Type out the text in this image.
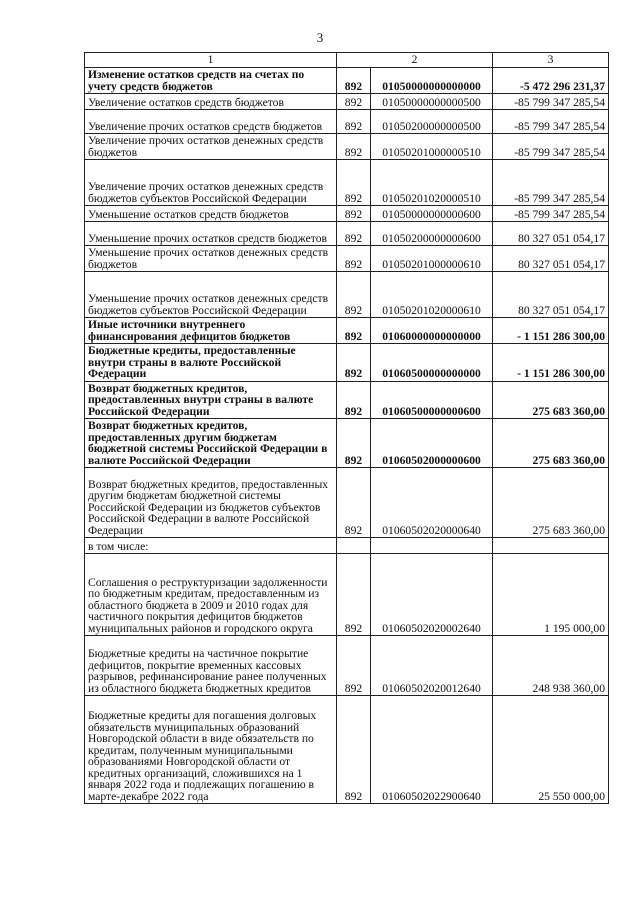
3
1	2		3
Изменение остатков средств на счетах по учету средств бюджетов	892	01050000000000000	-5 472 296 231,37
Увеличение остатков средств бюджетов	892	01050000000000500	-85 799 347 285,54
Увеличение прочих остатков средств бюджетов	892	01050200000000500	-85 799 347 285,54
Увеличение прочих остатков денежных средств бюджетов	892	01050201000000510	-85 799 347 285,54
Увеличение прочих остатков денежных средств бюджетов субъектов Российской Федерации	892	01050201020000510	-85 799 347 285,54
Уменьшение остатков средств бюджетов	892	01050000000000600	-85 799 347 285,54
Уменьшение прочих остатков средств бюджетов	892	01050200000000600	80 327 051 054,17
Уменьшение прочих остатков денежных средств бюджетов	892	01050201000000610	80 327 051 054,17
Уменьшение прочих остатков денежных средств бюджетов субъектов Российской Федерации	892	01050201020000610	80 327 051 054,17
Иные источники внутреннего финансирования дефицитов бюджетов	892	01060000000000000	- 1 151 286 300,00
Бюджетные кредиты, предоставленные внутри страны в валюте Российской Федерации	892	01060500000000000	- 1 151 286 300,00
Возврат бюджетных кредитов, предоставленных внутри страны в валюте Российской Федерации	892	01060500000000600	275 683 360,00
Возврат бюджетных кредитов, предоставленных другим бюджетам бюджетной системы Российской Федерации в валюте Российской Федерации	892	01060502000000600	275 683 360,00
Возврат бюджетных кредитов, предоставленных другим бюджетам бюджетной системы Российской Федерации из бюджетов субъектов Российской Федерации в валюте Российской Федерации	892	01060502020000640	275 683 360,00
в том числе:			
Соглашения о реструктуризации задолженности по бюджетным кредитам, предоставленным из областного бюджета в 2009 и 2010 годах для частичного покрытия дефицитов бюджетов муниципальных районов и городского округа	892	01060502020002640	1 195 000,00
Бюджетные кредиты на частичное покрытие дефицитов, покрытие временных кассовых разрывов, рефинансирование ранее полученных из областного бюджета бюджетных кредитов	892	01060502020012640	248 938 360,00
Бюджетные кредиты для погашения долговых обязательств муниципальных образований Новгородской области в виде обязательств по кредитам, полученным муниципальными образованиями Новгородской области от кредитных организаций, сложившихся на 1 января 2022 года и подлежащих погашению в марте-декабре 2022 года	892	01060502022900640	25 550 000,00
